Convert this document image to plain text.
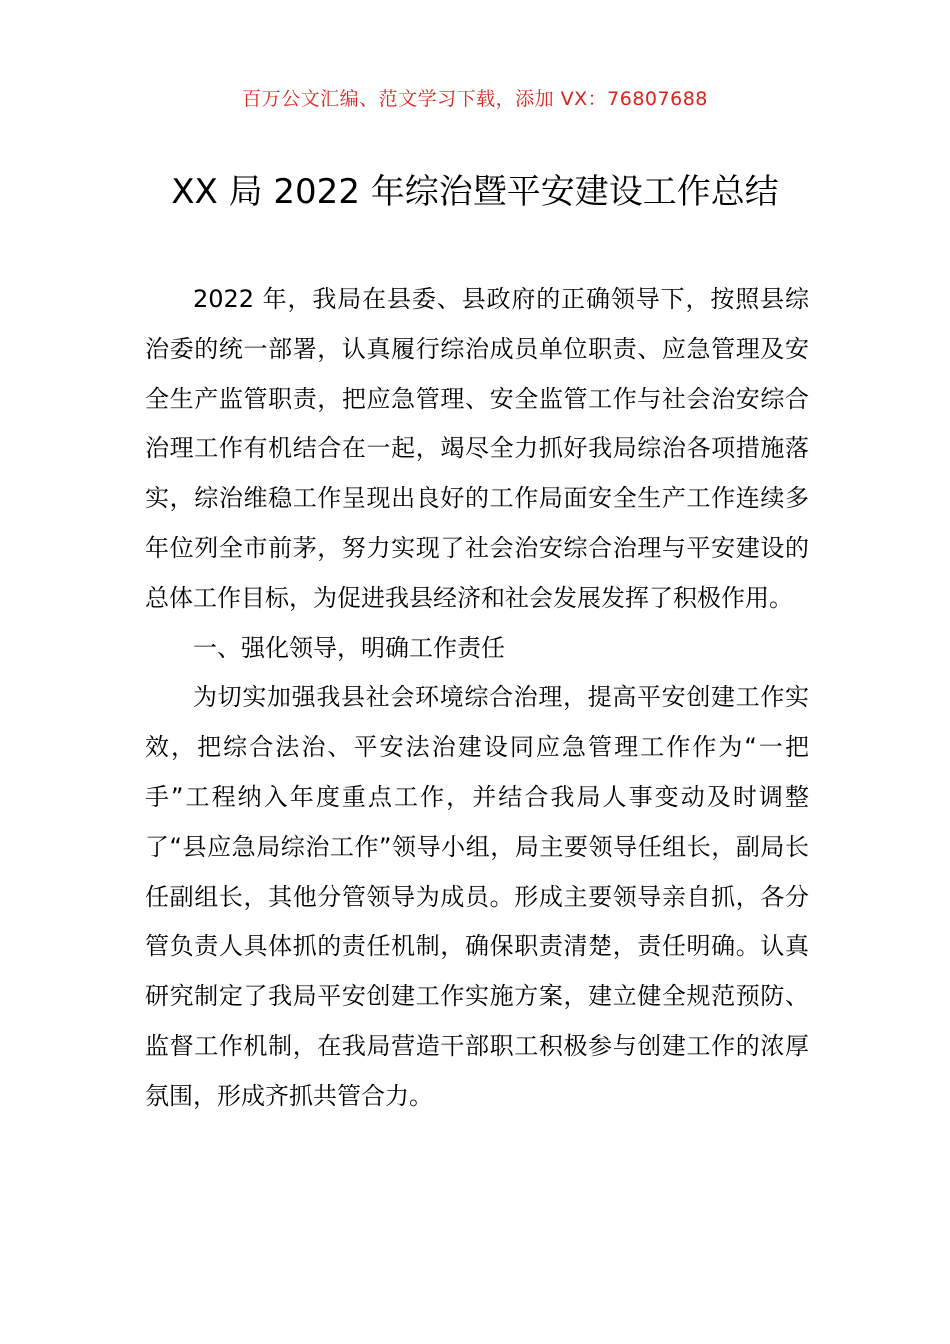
百万公文汇编、范文学习下载，添加 VX：76807688
XX 局 2022 年综治暨平安建设工作总结

2022 年，我局在县委、县政府的正确领导下，按照县综治委的统一部署，认真履行综治成员单位职责、应急管理及安全生产监管职责，把应急管理、安全监管工作与社会治安综合治理工作有机结合在一起，竭尽全力抓好我局综治各项措施落实，综治维稳工作呈现出良好的工作局面安全生产工作连续多年位列全市前茅，努力实现了社会治安综合治理与平安建设的总体工作目标，为促进我县经济和社会发展发挥了积极作用。

一、强化领导，明确工作责任

为切实加强我县社会环境综合治理，提高平安创建工作实效，把综合法治、平安法治建设同应急管理工作作为“一把手”工程纳入年度重点工作，并结合我局人事变动及时调整了“县应急局综治工作”领导小组，局主要领导任组长，副局长任副组长，其他分管领导为成员。形成主要领导亲自抓，各分管负责人具体抓的责任机制，确保职责清楚，责任明确。认真研究制定了我局平安创建工作实施方案，建立健全规范预防、监督工作机制，在我局营造干部职工积极参与创建工作的浓厚氛围，形成齐抓共管合力。
